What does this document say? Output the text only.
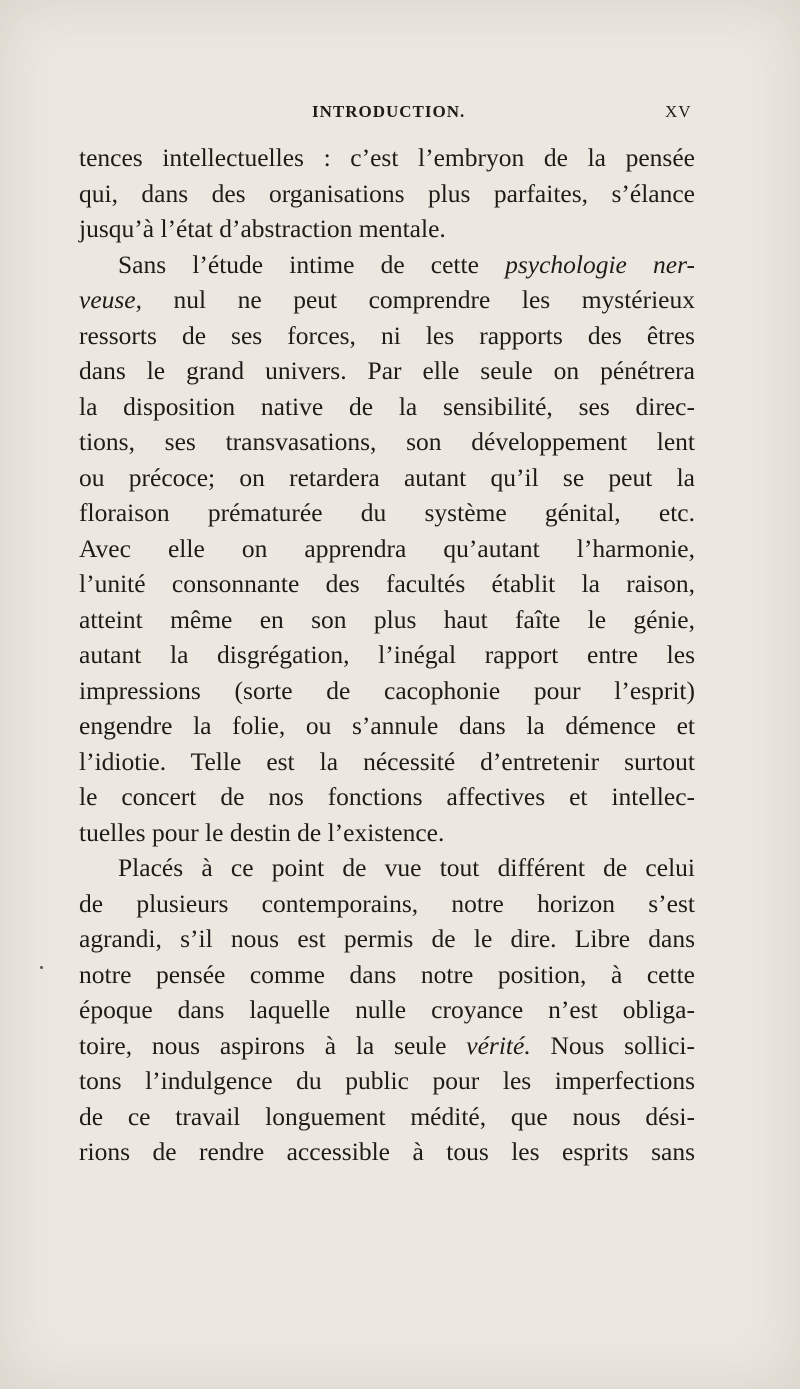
INTRODUCTION.	XV
tences intellectuelles : c’est l’embryon de la pensée
qui, dans des organisations plus parfaites, s’élance
jusqu’à l’état d’abstraction mentale.
Sans l’étude intime de cette psychologie ner-
veuse, nul ne peut comprendre les mystérieux
ressorts de ses forces, ni les rapports des êtres
dans le grand univers. Par elle seule on pénétrera
la disposition native de la sensibilité, ses direc-
tions, ses transvasations, son développement lent
ou précoce; on retardera autant qu’il se peut la
floraison prématurée du système génital, etc.
Avec elle on apprendra qu’autant l’harmonie,
l’unité consonnante des facultés établit la raison,
atteint même en son plus haut faîte le génie,
autant la disgrégation, l’inégal rapport entre les
impressions (sorte de cacophonie pour l’esprit)
engendre la folie, ou s’annule dans la démence et
l’idiotie. Telle est la nécessité d’entretenir surtout
le concert de nos fonctions affectives et intellec-
tuelles pour le destin de l’existence.
Placés à ce point de vue tout différent de celui
de plusieurs contemporains, notre horizon s’est
agrandi, s’il nous est permis de le dire. Libre dans
notre pensée comme dans notre position, à cette
époque dans laquelle nulle croyance n’est obliga-
toire, nous aspirons à la seule vérité. Nous sollici-
tons l’indulgence du public pour les imperfections
de ce travail longuement médité, que nous dési-
rions de rendre accessible à tous les esprits sans
